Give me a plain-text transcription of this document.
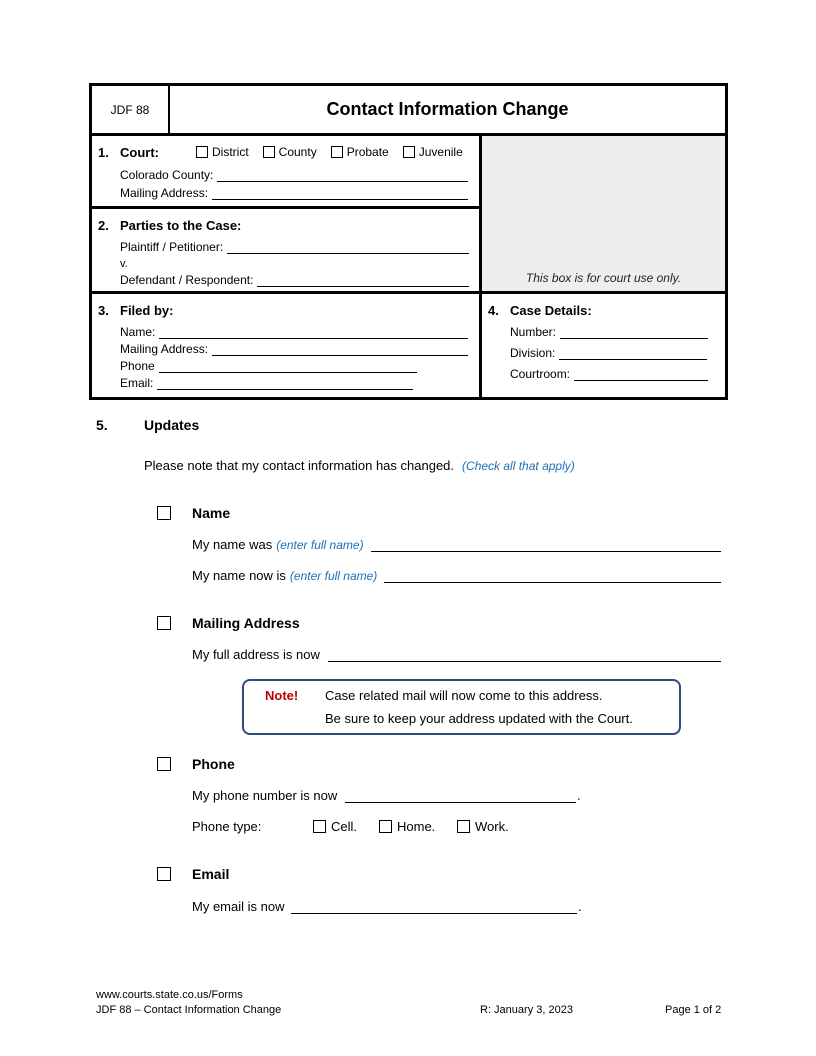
JDF 88	Contact Information Change
1. Court:	District	County	Probate	Juvenile
Colorado County:
Mailing Address:
2. Parties to the Case:
Plaintiff / Petitioner:
v.
Defendant / Respondent:	This box is for court use only.
3. Filed by:
Name:
Mailing Address:
Phone
Email:
4. Case Details:
Number:
Division:
Courtroom:
5.	Updates
Please note that my contact information has changed. (Check all that apply)
Name
My name was (enter full name)
My name now is (enter full name)
Mailing Address
My full address is now
Note! Case related mail will now come to this address.
Be sure to keep your address updated with the Court.
Phone
My phone number is now	.
Phone type:	Cell.	Home.	Work.
Email
My email is now	.
www.courts.state.co.us/Forms
JDF 88 – Contact Information Change	R: January 3, 2023	Page 1 of 2
